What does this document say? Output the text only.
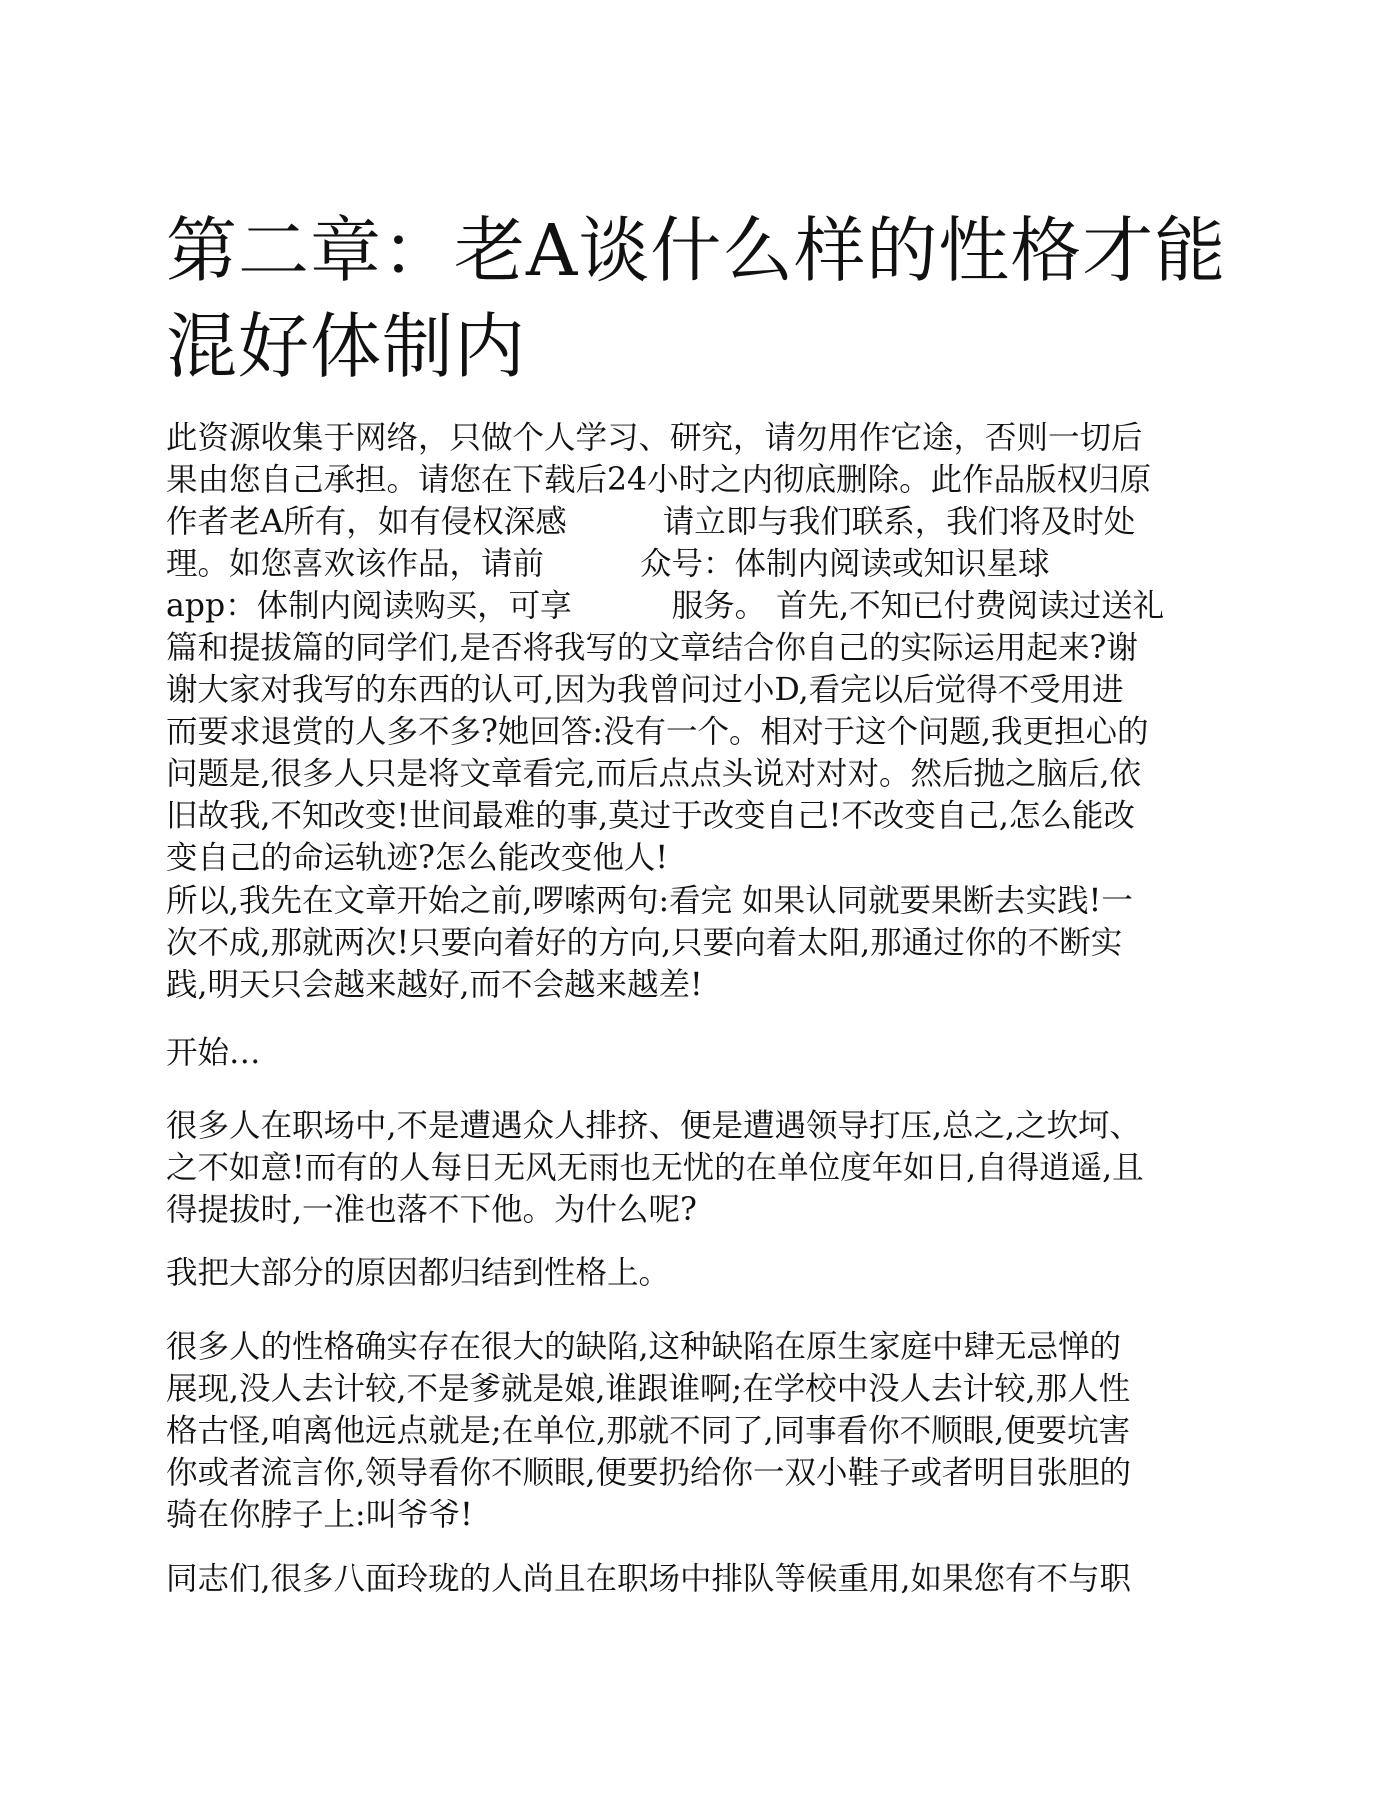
第二章：老A谈什么样的性格才能
混好体制内

此资源收集于网络，只做个人学习、研究，请勿用作它途，否则一切后
果由您自己承担。请您在下载后24小时之内彻底删除。此作品版权归原
作者老A所有，如有侵权深感	请立即与我们联系，我们将及时处
理。如您喜欢该作品，请前	众号：体制内阅读或知识星球
app：体制内阅读购买，可享	服务。 首先,不知已付费阅读过送礼
篇和提拔篇的同学们,是否将我写的文章结合你自己的实际运用起来?谢
谢大家对我写的东西的认可,因为我曾问过小D,看完以后觉得不受用进
而要求退赏的人多不多?她回答:没有一个。相对于这个问题,我更担心的
问题是,很多人只是将文章看完,而后点点头说对对对。然后抛之脑后,依
旧故我,不知改变!世间最难的事,莫过于改变自己!不改变自己,怎么能改
变自己的命运轨迹?怎么能改变他人!

所以,我先在文章开始之前,啰嗦两句:看完 如果认同就要果断去实践!一
次不成,那就两次!只要向着好的方向,只要向着太阳,那通过你的不断实
践,明天只会越来越好,而不会越来越差!

开始…

很多人在职场中,不是遭遇众人排挤、便是遭遇领导打压,总之,之坎坷、
之不如意!而有的人每日无风无雨也无忧的在单位度年如日,自得逍遥,且
得提拔时,一准也落不下他。为什么呢?

我把大部分的原因都归结到性格上。

很多人的性格确实存在很大的缺陷,这种缺陷在原生家庭中肆无忌惮的
展现,没人去计较,不是爹就是娘,谁跟谁啊;在学校中没人去计较,那人性
格古怪,咱离他远点就是;在单位,那就不同了,同事看你不顺眼,便要坑害
你或者流言你,领导看你不顺眼,便要扔给你一双小鞋子或者明目张胆的
骑在你脖子上:叫爷爷!

同志们,很多八面玲珑的人尚且在职场中排队等候重用,如果您有不与职
